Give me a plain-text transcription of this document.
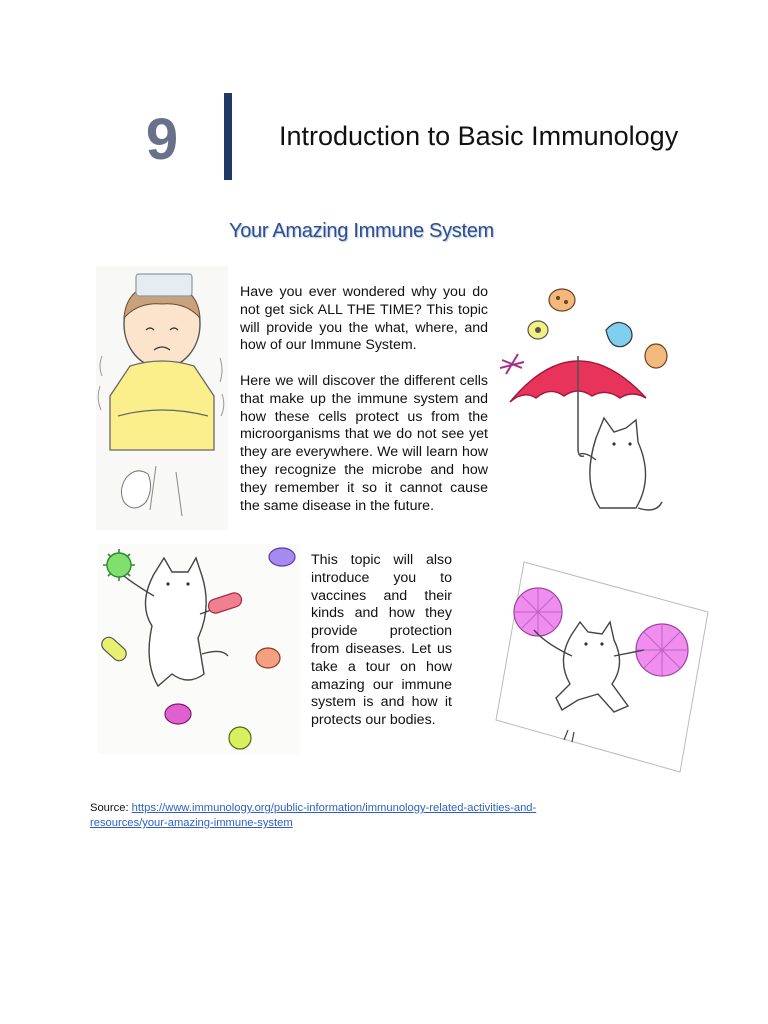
9	Introduction to Basic Immunology
Your Amazing Immune System

Have you ever wondered why you do not get sick ALL THE TIME? This topic will provide you the what, where, and how of our Immune System.

Here we will discover the different cells that make up the immune system and how these cells protect us from the microorganisms that we do not see yet they are everywhere. We will learn how they recognize the microbe and how they remember it so it cannot cause the same disease in the future.

This topic will also introduce you to vaccines and their kinds and how they provide protection from diseases. Let us take a tour on how amazing our immune system is and how it protects our bodies.

Source: https://www.immunology.org/public-information/immunology-related-activities-and-
resources/your-amazing-immune-system
